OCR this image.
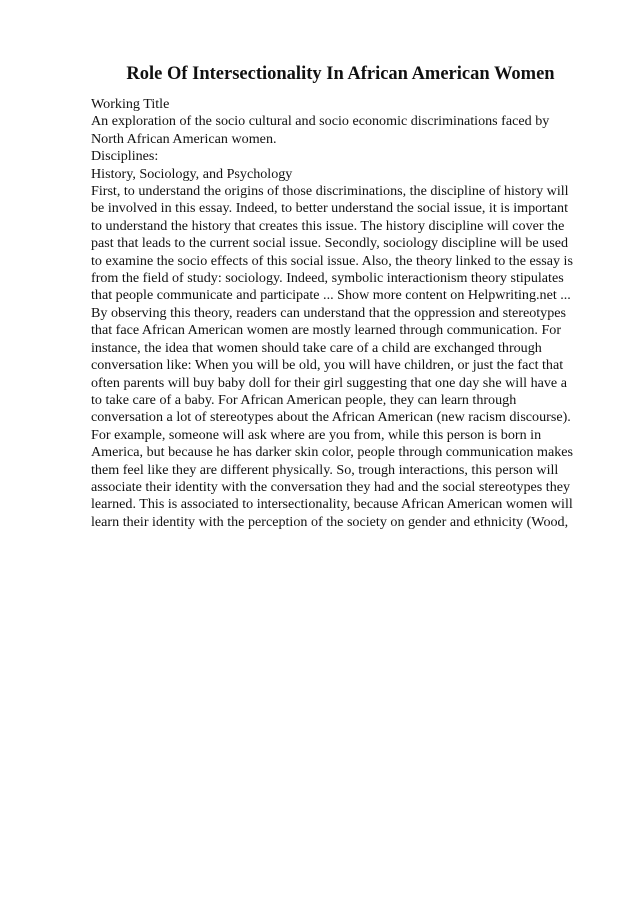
Role Of Intersectionality In African American Women

Working Title

An exploration of the socio cultural and socio economic discriminations faced by

North African American women.

Disciplines:

History, Sociology, and Psychology

First, to understand the origins of those discriminations, the discipline of history will

be involved in this essay. Indeed, to better understand the social issue, it is important

to understand the history that creates this issue. The history discipline will cover the

past that leads to the current social issue. Secondly, sociology discipline will be used

to examine the socio effects of this social issue. Also, the theory linked to the essay is

from the field of study: sociology. Indeed, symbolic interactionism theory stipulates

that people communicate and participate ... Show more content on Helpwriting.net ...

By observing this theory, readers can understand that the oppression and stereotypes

that face African American women are mostly learned through communication. For

instance, the idea that women should take care of a child are exchanged through

conversation like: When you will be old, you will have children, or just the fact that

often parents will buy baby doll for their girl suggesting that one day she will have a

to take care of a baby. For African American people, they can learn through

conversation a lot of stereotypes about the African American (new racism discourse).

For example, someone will ask where are you from, while this person is born in

America, but because he has darker skin color, people through communication makes

them feel like they are different physically. So, trough interactions, this person will

associate their identity with the conversation they had and the social stereotypes they

learned. This is associated to intersectionality, because African American women will

learn their identity with the perception of the society on gender and ethnicity (Wood,
